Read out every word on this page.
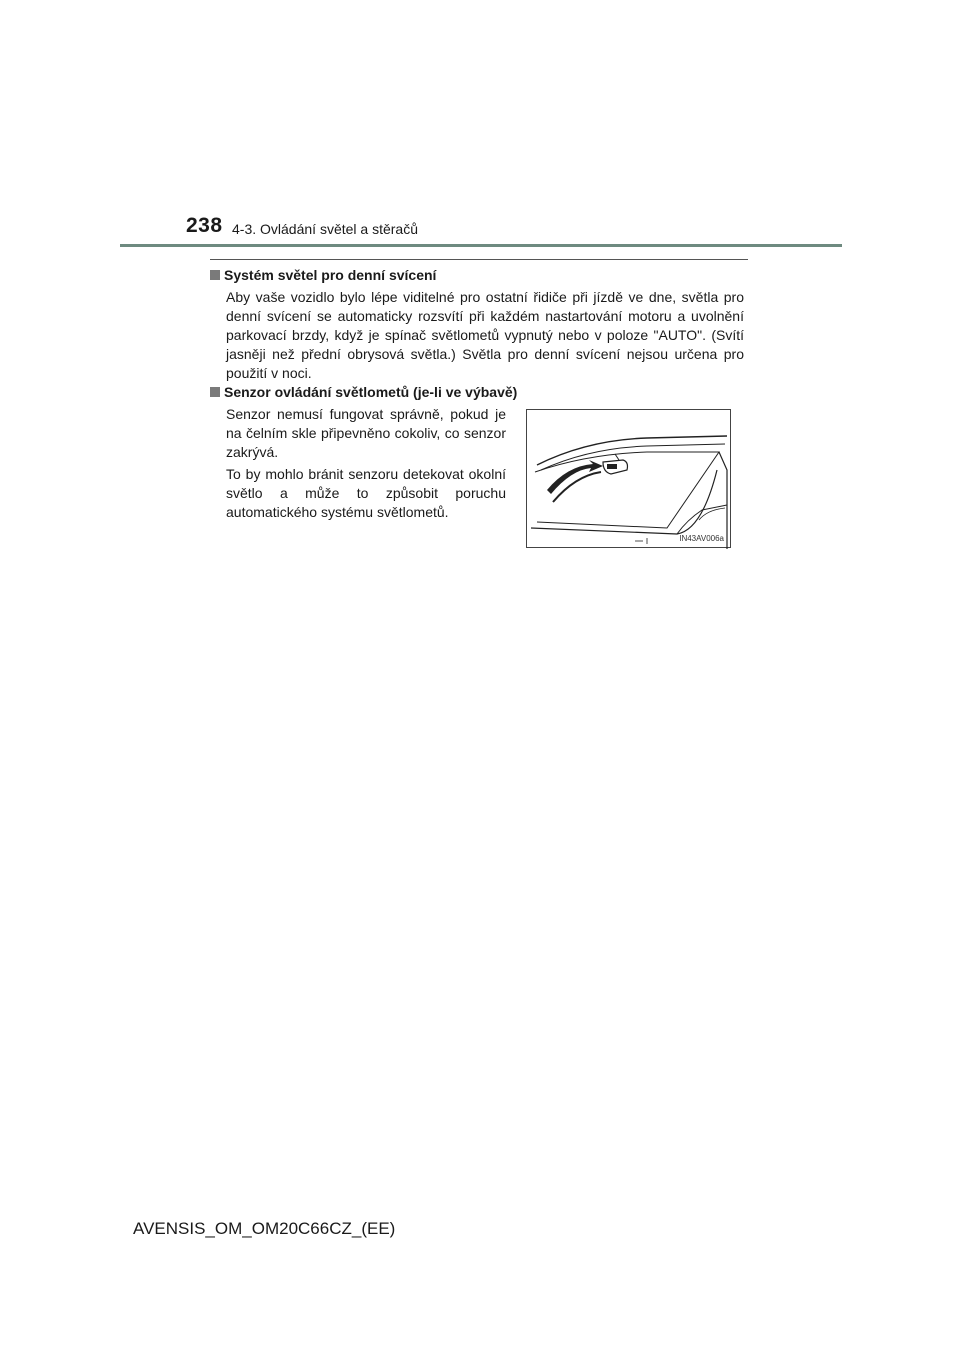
238 4-3. Ovládání světel a stěračů
Systém světel pro denní svícení

Aby vaše vozidlo bylo lépe viditelné pro ostatní řidiče při jízdě ve dne, světla pro denní svícení se automaticky rozsvítí při každém nastartování motoru a uvolnění parkovací brzdy, když je spínač světlometů vypnutý nebo v poloze "AUTO". (Svítí jasněji než přední obrysová světla.) Světla pro denní svícení nejsou určena pro použití v noci.

Senzor ovládání světlometů (je-li ve výbavě)

Senzor nemusí fungovat správně, pokud je na čelním skle připevněno cokoliv, co senzor zakrývá.

To by mohlo bránit senzoru detekovat okolní světlo a může to způsobit poruchu automatického systému světlometů.

IN43AV006a
AVENSIS_OM_OM20C66CZ_(EE)
